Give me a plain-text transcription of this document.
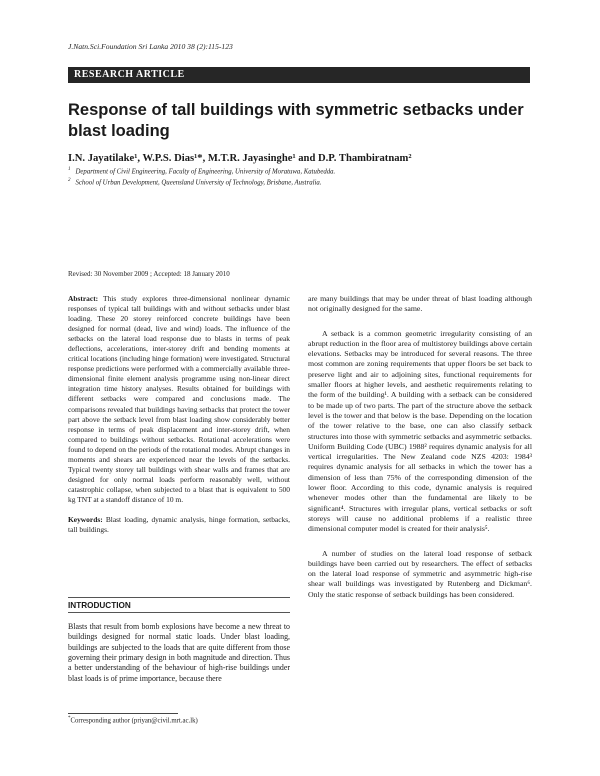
J.Natn.Sci.Foundation Sri Lanka 2010 38 (2):115-123
RESEARCH ARTICLE
Response of tall buildings with symmetric setbacks under blast loading
I.N. Jayatilake¹, W.P.S. Dias¹*, M.T.R. Jayasinghe¹ and D.P. Thambiratnam²
$^1$ Department of Civil Engineering, Faculty of Engineering, University of Moratuwa, Katubedda.
$^2$ School of Urban Development, Queensland University of Technology, Brisbane, Australia.
Revised: 30 November 2009 ; Accepted: 18 January 2010

Abstract: This study explores three-dimensional nonlinear dynamic responses of typical tall buildings with and without setbacks under blast loading. These 20 storey reinforced concrete buildings have been designed for normal (dead, live and wind) loads. The influence of the setbacks on the lateral load response due to blasts in terms of peak deflections, accelerations, inter-storey drift and bending moments at critical locations (including hinge formation) were investigated. Structural response predictions were performed with a commercially available three-dimensional finite element analysis programme using non-linear direct integration time history analyses. Results obtained for buildings with different setbacks were compared and conclusions made. The comparisons revealed that buildings having setbacks that protect the tower part above the setback level from blast loading show considerably better response in terms of peak displacement and inter-storey drift, when compared to buildings without setbacks. Rotational accelerations were found to depend on the periods of the rotational modes. Abrupt changes in moments and shears are experienced near the levels of the setbacks. Typical twenty storey tall buildings with shear walls and frames that are designed for only normal loads perform reasonably well, without catastrophic collapse, when subjected to a blast that is equivalent to 500 kg TNT at a standoff distance of 10 m.

Keywords: Blast loading, dynamic analysis, hinge formation, setbacks, tall buildings.

INTRODUCTION

Blasts that result from bomb explosions have become a new threat to buildings designed for normal static loads. Under blast loading, buildings are subjected to the loads that are quite different from those governing their primary design in both magnitude and direction. Thus a better understanding of the behaviour of high-rise buildings under blast loads is of prime importance, because there

are many buildings that may be under threat of blast loading although not originally designed for the same.

A setback is a common geometric irregularity consisting of an abrupt reduction in the floor area of multistorey buildings above certain elevations. Setbacks may be introduced for several reasons. The three most common are zoning requirements that upper floors be set back to preserve light and air to adjoining sites, functional requirements for smaller floors at higher levels, and aesthetic requirements relating to the form of the building¹. A building with a setback can be considered to be made up of two parts. The part of the structure above the setback level is the tower and that below is the base. Depending on the location of the tower relative to the base, one can also classify setback structures into those with symmetric setbacks and asymmetric setbacks. Uniform Building Code (UBC) 1988² requires dynamic analysis for all vertical irregularities. The New Zealand code NZS 4203: 1984³ requires dynamic analysis for all setbacks in which the tower has a dimension of less than 75% of the corresponding dimension of the lower floor. According to this code, dynamic analysis is required whenever modes other than the fundamental are likely to be significant⁴. Structures with irregular plans, vertical setbacks or soft storeys will cause no additional problems if a realistic three dimensional computer model is created for their analysis⁵.

A number of studies on the lateral load response of setback buildings have been carried out by researchers. The effect of setbacks on the lateral load response of symmetric and asymmetric high-rise shear wall buildings was investigated by Rutenberg and Dickman⁶. Only the static response of setback buildings has been considered.

*Corresponding author (priyan@civil.mrt.ac.lk)
